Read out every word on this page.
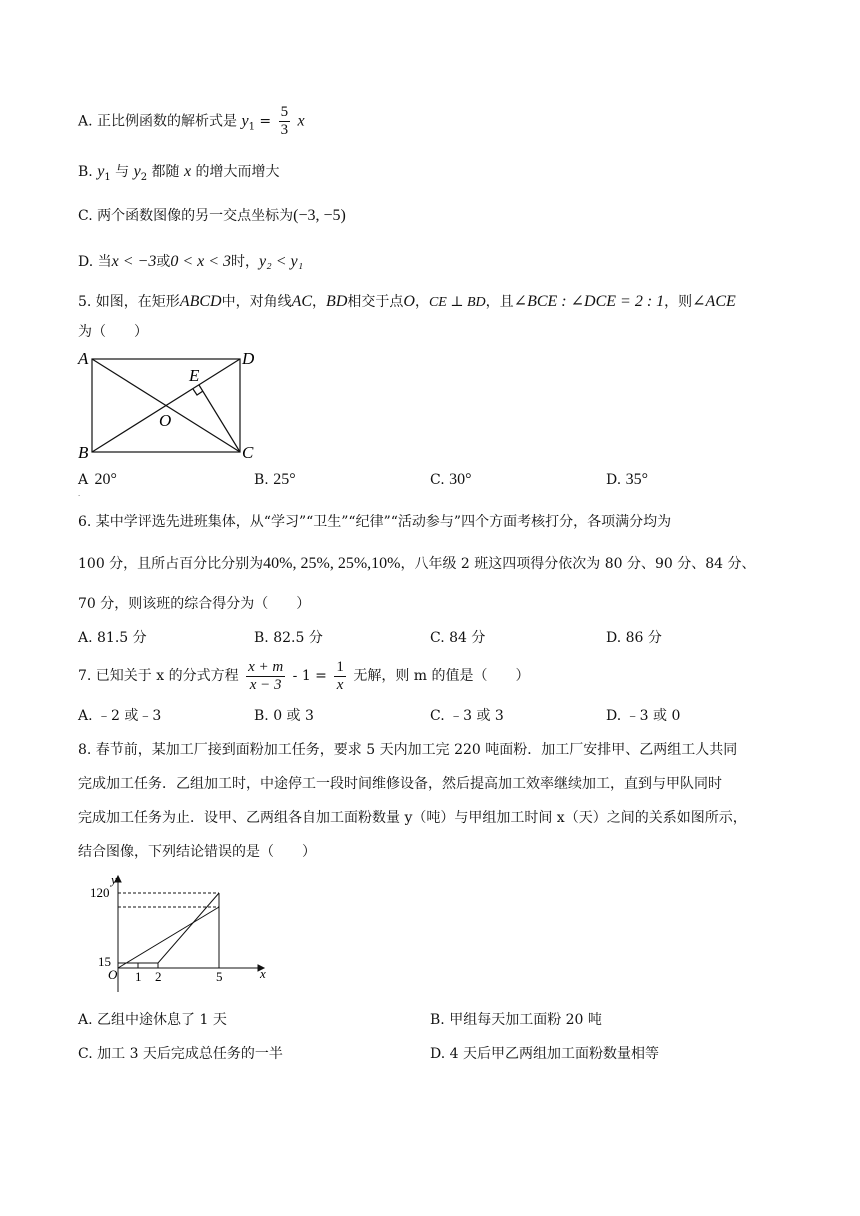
A. 正比例函数的解析式是 $y_1 = \frac{5}{3}$ x
B. $y_1$ 与 $y_2$ 都随 x 的增大而增大
C. 两个函数图像的另一交点坐标为(−3, −5)
D. 当x < −3或0 < x < 3时，y₂ < y₁
5. 如图，在矩形ABCD中，对角线AC，BD相交于点O，CE ⊥ BD，且∠BCE : ∠DCE = 2 : 1，则∠ACE
为（　　）
A
B	C
D
E
O
$A_.$ 20°	B. 25°	C. 30°	D. 35°
6. 某中学评选先进班集体，从“学习”“卫生”“纪律”“活动参与”四个方面考核打分，各项满分均为
100 分，且所占百分比分别为40%, 25%, 25%,10%，八年级 2 班这四项得分依次为 80 分、90 分、84 分、
70 分，则该班的综合得分为（　　）
A. 81.5 分	B. 82.5 分	C. 84 分	D. 86 分
7. 已知关于 x 的分式方程 $\frac{x + m}{x - 3} - 1 = \frac{1}{x}$ 无解，则 m 的值是（　　）
A. ﹣2 或﹣3	B. 0 或 3	C. ﹣3 或 3	D. ﹣3 或 0
8. 春节前，某加工厂接到面粉加工任务，要求 5 天内加工完 220 吨面粉．加工厂安排甲、乙两组工人共同
完成加工任务．乙组加工时，中途停工一段时间维修设备，然后提高加工效率继续加工，直到与甲队同时
完成加工任务为止．设甲、乙两组各自加工面粉数量 y（吨）与甲组加工时间 x（天）之间的关系如图所示，
结合图像，下列结论错误的是（　　）
y
x
O
120
15
1 2	5
A. 乙组中途休息了 1 天	B. 甲组每天加工面粉 20 吨
C. 加工 3 天后完成总任务的一半	D. 4 天后甲乙两组加工面粉数量相等
